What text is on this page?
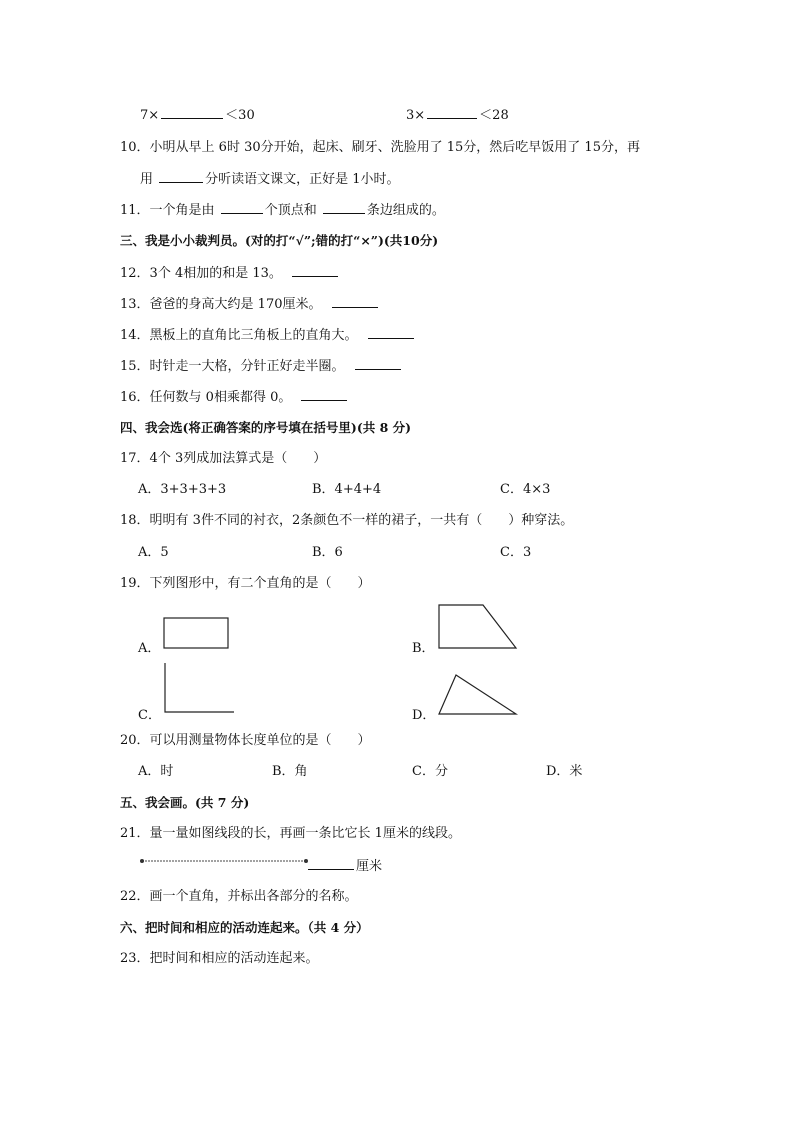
7×	＜30	3×	＜28
10．小明从早上 6时 30分开始，起床、刷牙、洗脸用了 15分，然后吃早饭用了 15分，再
用	分听读语文课文，正好是 1小时。
11．一个角是由	个顶点和	条边组成的。
三、我是小小裁判员。(对的打“√”;错的打“×”)(共10分)
12．3个 4相加的和是 13。
13．爸爸的身高大约是 170厘米。
14．黑板上的直角比三角板上的直角大。
15．时针走一大格，分针正好走半圈。
16．任何数与 0相乘都得 0。
四、我会选(将正确答案的序号填在括号里)(共 8 分)
17．4个 3列成加法算式是（　　）
A．3+3+3+3	B．4+4+4	C．4×3
18．明明有 3件不同的衬衣，2条颜色不一样的裙子，一共有（　　）种穿法。
A．5	B．6	C．3
19．下列图形中，有二个直角的是（　　）
A．	B．
C．	D．
20．可以用测量物体长度单位的是（　　）
A．时	B．角	C．分	D．米
五、我会画。(共 7 分)
21．量一量如图线段的长，再画一条比它长 1厘米的线段。
厘米
22．画一个直角，并标出各部分的名称。
六、把时间和相应的活动连起来。（共 4 分）
23．把时间和相应的活动连起来。
